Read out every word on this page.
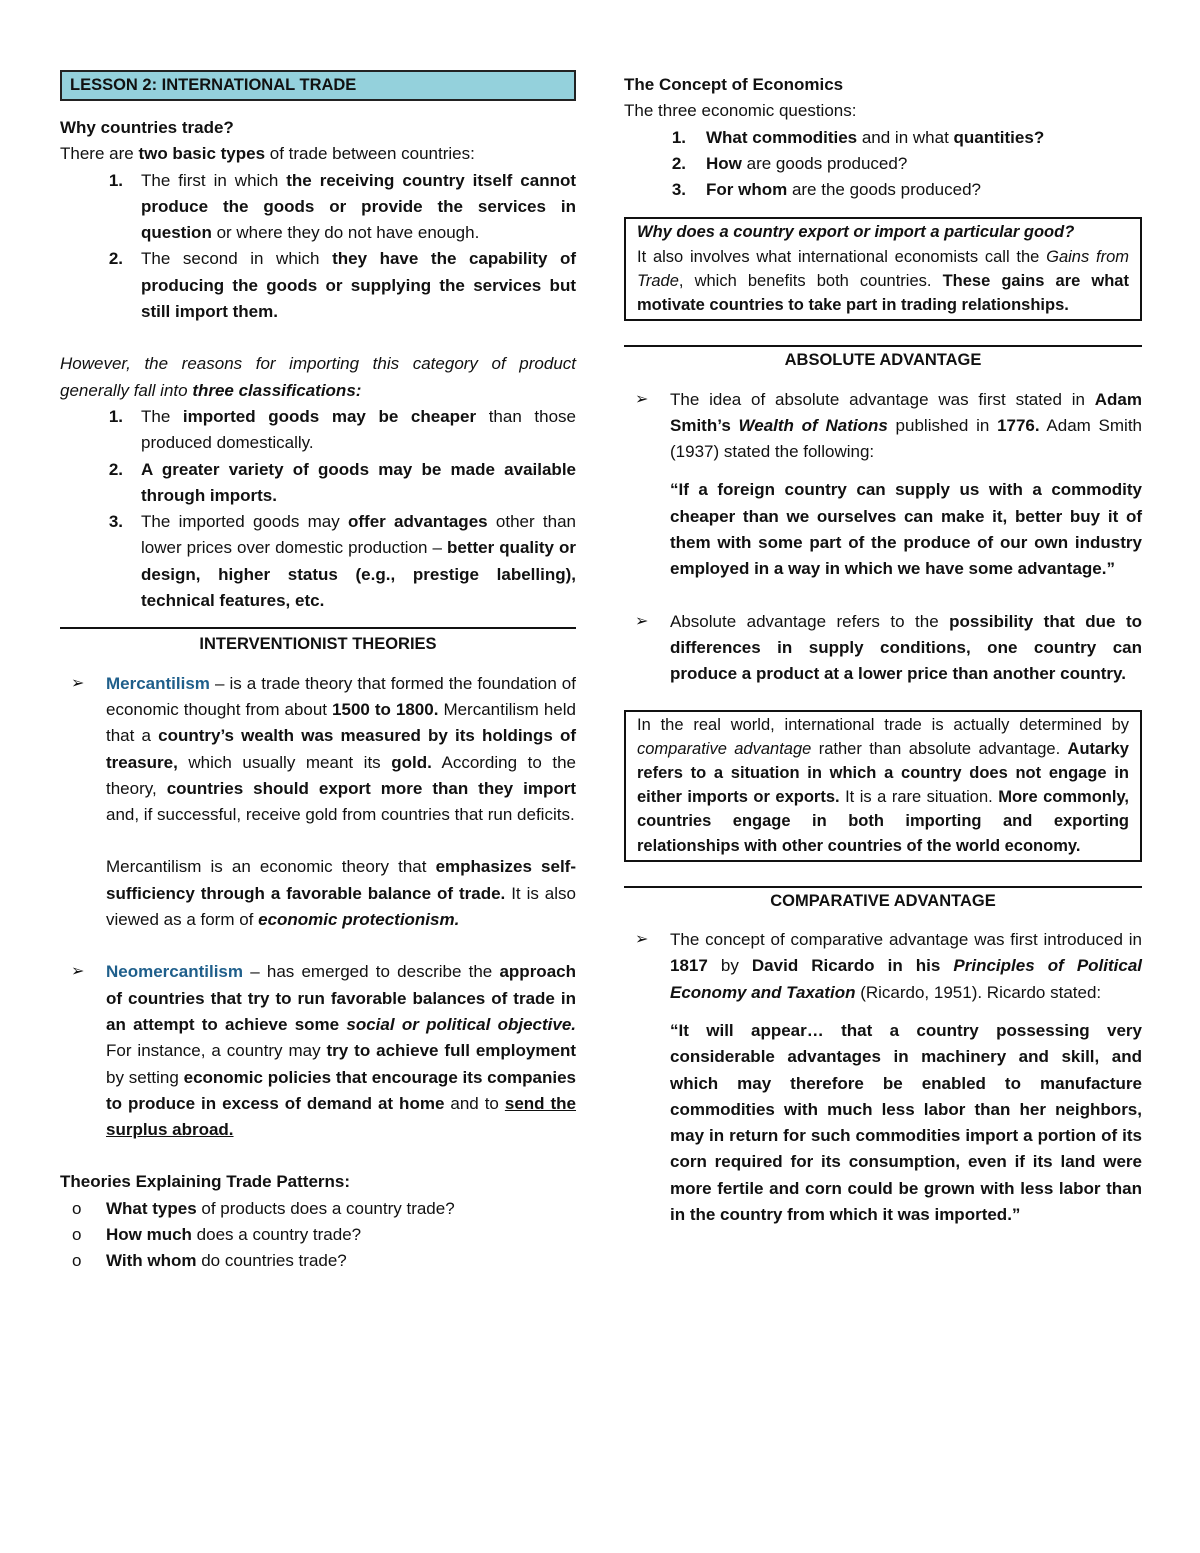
LESSON 2: INTERNATIONAL TRADE

Why countries trade?

There are two basic types of trade between countries:

1. The first in which the receiving country itself cannot produce the goods or provide the services in question or where they do not have enough.
2. The second in which they have the capability of producing the goods or supplying the services but still import them.

However, the reasons for importing this category of product generally fall into three classifications:

1. The imported goods may be cheaper than those produced domestically.
2. A greater variety of goods may be made available through imports.
3. The imported goods may offer advantages other than lower prices over domestic production – better quality or design, higher status (e.g., prestige labelling), technical features, etc.

INTERVENTIONIST THEORIES

➢ Mercantilism – is a trade theory that formed the foundation of economic thought from about 1500 to 1800. Mercantilism held that a country’s wealth was measured by its holdings of treasure, which usually meant its gold. According to the theory, countries should export more than they import and, if successful, receive gold from countries that run deficits.

Mercantilism is an economic theory that emphasizes self-sufficiency through a favorable balance of trade. It is also viewed as a form of economic protectionism.

➢ Neomercantilism – has emerged to describe the approach of countries that try to run favorable balances of trade in an attempt to achieve some social or political objective. For instance, a country may try to achieve full employment by setting economic policies that encourage its companies to produce in excess of demand at home and to send the surplus abroad.

Theories Explaining Trade Patterns:

o What types of products does a country trade?
o How much does a country trade?
o With whom do countries trade?

The Concept of Economics

The three economic questions:

1. What commodities and in what quantities?
2. How are goods produced?
3. For whom are the goods produced?
Why does a country export or import a particular good?
It also involves what international economists call the Gains from Trade, which benefits both countries. These gains are what motivate countries to take part in trading relationships.

ABSOLUTE ADVANTAGE

➢ The idea of absolute advantage was first stated in Adam Smith’s Wealth of Nations published in 1776. Adam Smith (1937) stated the following:

“If a foreign country can supply us with a commodity cheaper than we ourselves can make it, better buy it of them with some part of the produce of our own industry employed in a way in which we have some advantage.”

➢ Absolute advantage refers to the possibility that due to differences in supply conditions, one country can produce a product at a lower price than another country.
In the real world, international trade is actually determined by comparative advantage rather than absolute advantage. Autarky refers to a situation in which a country does not engage in either imports or exports. It is a rare situation. More commonly, countries engage in both importing and exporting relationships with other countries of the world economy.

COMPARATIVE ADVANTAGE

➢ The concept of comparative advantage was first introduced in 1817 by David Ricardo in his Principles of Political Economy and Taxation (Ricardo, 1951). Ricardo stated:

“It will appear… that a country possessing very considerable advantages in machinery and skill, and which may therefore be enabled to manufacture commodities with much less labor than her neighbors, may in return for such commodities import a portion of its corn required for its consumption, even if its land were more fertile and corn could be grown with less labor than in the country from which it was imported.”
